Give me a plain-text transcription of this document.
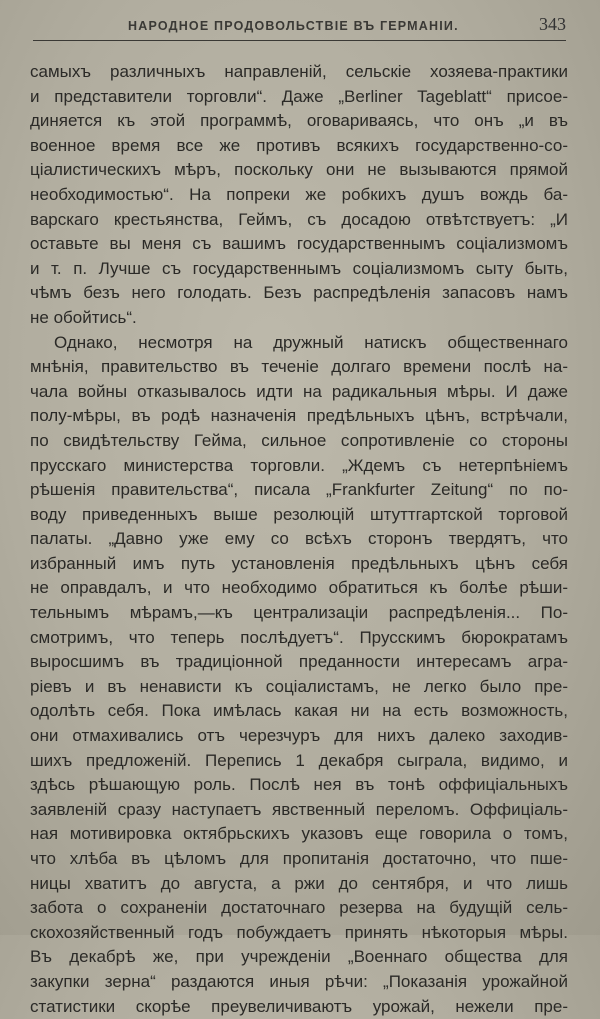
НАРОДНОЕ ПРОДОВОЛЬСТВІЕ ВЪ ГЕРМАНІИ.	343
самыхъ различныхъ направленій, сельскіе хозяева-практики
и представители торговли“. Даже „Berliner Tageblatt“ присое-
диняется къ этой программѣ, оговариваясь, что онъ „и въ
военное время все же противъ всякихъ государственно-со-
ціалистическихъ мѣръ, поскольку они не вызываются прямой
необходимостью“. На попреки же робкихъ душъ вождь ба-
варскаго крестьянства, Геймъ, съ досадою отвѣтствуетъ: „И
оставьте вы меня съ вашимъ государственнымъ соціализмомъ
и т. п. Лучше съ государственнымъ соціализмомъ сыту быть,
чѣмъ безъ него голодать. Безъ распредѣленія запасовъ намъ
не обойтись“.
Однако, несмотря на дружный натискъ общественнаго
мнѣнія, правительство въ теченіе долгаго времени послѣ на-
чала войны отказывалось идти на радикальныя мѣры. И даже
полу-мѣры, въ родѣ назначенія предѣльныхъ цѣнъ, встрѣчали,
по свидѣтельству Гейма, сильное сопротивленіе со стороны
прусскаго министерства торговли. „Ждемъ съ нетерпѣніемъ
рѣшенія правительства“, писала „Frankfurter Zeitung“ по по-
воду приведенныхъ выше резолюцій штуттгартской торговой
палаты. „Давно уже ему со всѣхъ сторонъ твердятъ, что
избранный имъ путь установленія предѣльныхъ цѣнъ себя
не оправдалъ, и что необходимо обратиться къ болѣе рѣши-
тельнымъ мѣрамъ,—къ централизаціи распредѣленія... По-
смотримъ, что теперь послѣдуетъ“. Прусскимъ бюрократамъ
выросшимъ въ традиціонной преданности интересамъ агра-
ріевъ и въ ненависти къ соціалистамъ, не легко было пре-
одолѣть себя. Пока имѣлась какая ни на есть возможность,
они отмахивались отъ черезчуръ для нихъ далеко заходив-
шихъ предложеній. Перепись 1 декабря сыграла, видимо, и
здѣсь рѣшающую роль. Послѣ нея въ тонѣ оффиціальныхъ
заявленій сразу наступаетъ явственный переломъ. Оффиціаль-
ная мотивировка октябрьскихъ указовъ еще говорила о томъ,
что хлѣба въ цѣломъ для пропитанія достаточно, что пше-
ницы хватитъ до августа, а ржи до сентября, и что лишь
забота о сохраненіи достаточнаго резерва на будущій сель-
скохозяйственный годъ побуждаетъ принять нѣкоторыя мѣры.
Въ декабрѣ же, при учрежденіи „Военнаго общества для
закупки зерна“ раздаются иныя рѣчи: „Показанія урожайной
статистики скорѣе преувеличиваютъ урожай, нежели пре-
